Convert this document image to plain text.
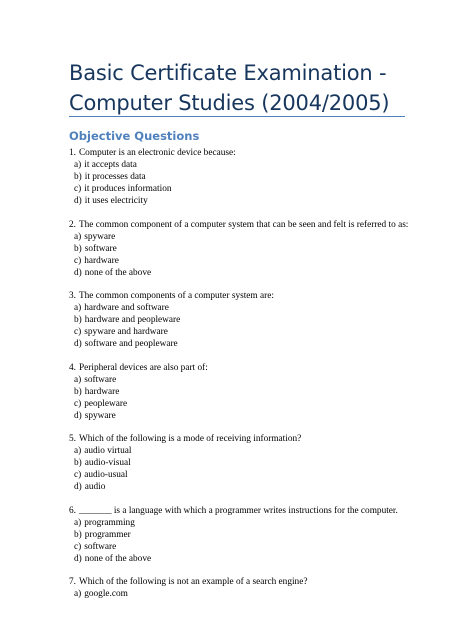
Basic Certificate Examination - Computer Studies (2004/2005)
Objective Questions
1. Computer is an electronic device because:
a) it accepts data
b) it processes data
c) it produces information
d) it uses electricity
2. The common component of a computer system that can be seen and felt is referred to as:
a) spyware
b) software
c) hardware
d) none of the above
3. The common components of a computer system are:
a) hardware and software
b) hardware and peopleware
c) spyware and hardware
d) software and peopleware
4. Peripheral devices are also part of:
a) software
b) hardware
c) peopleware
d) spyware
5. Which of the following is a mode of receiving information?
a) audio virtual
b) audio-visual
c) audio-usual
d) audio
6. _______ is a language with which a programmer writes instructions for the computer.
a) programming
b) programmer
c) software
d) none of the above
7. Which of the following is not an example of a search engine?
a) google.com
